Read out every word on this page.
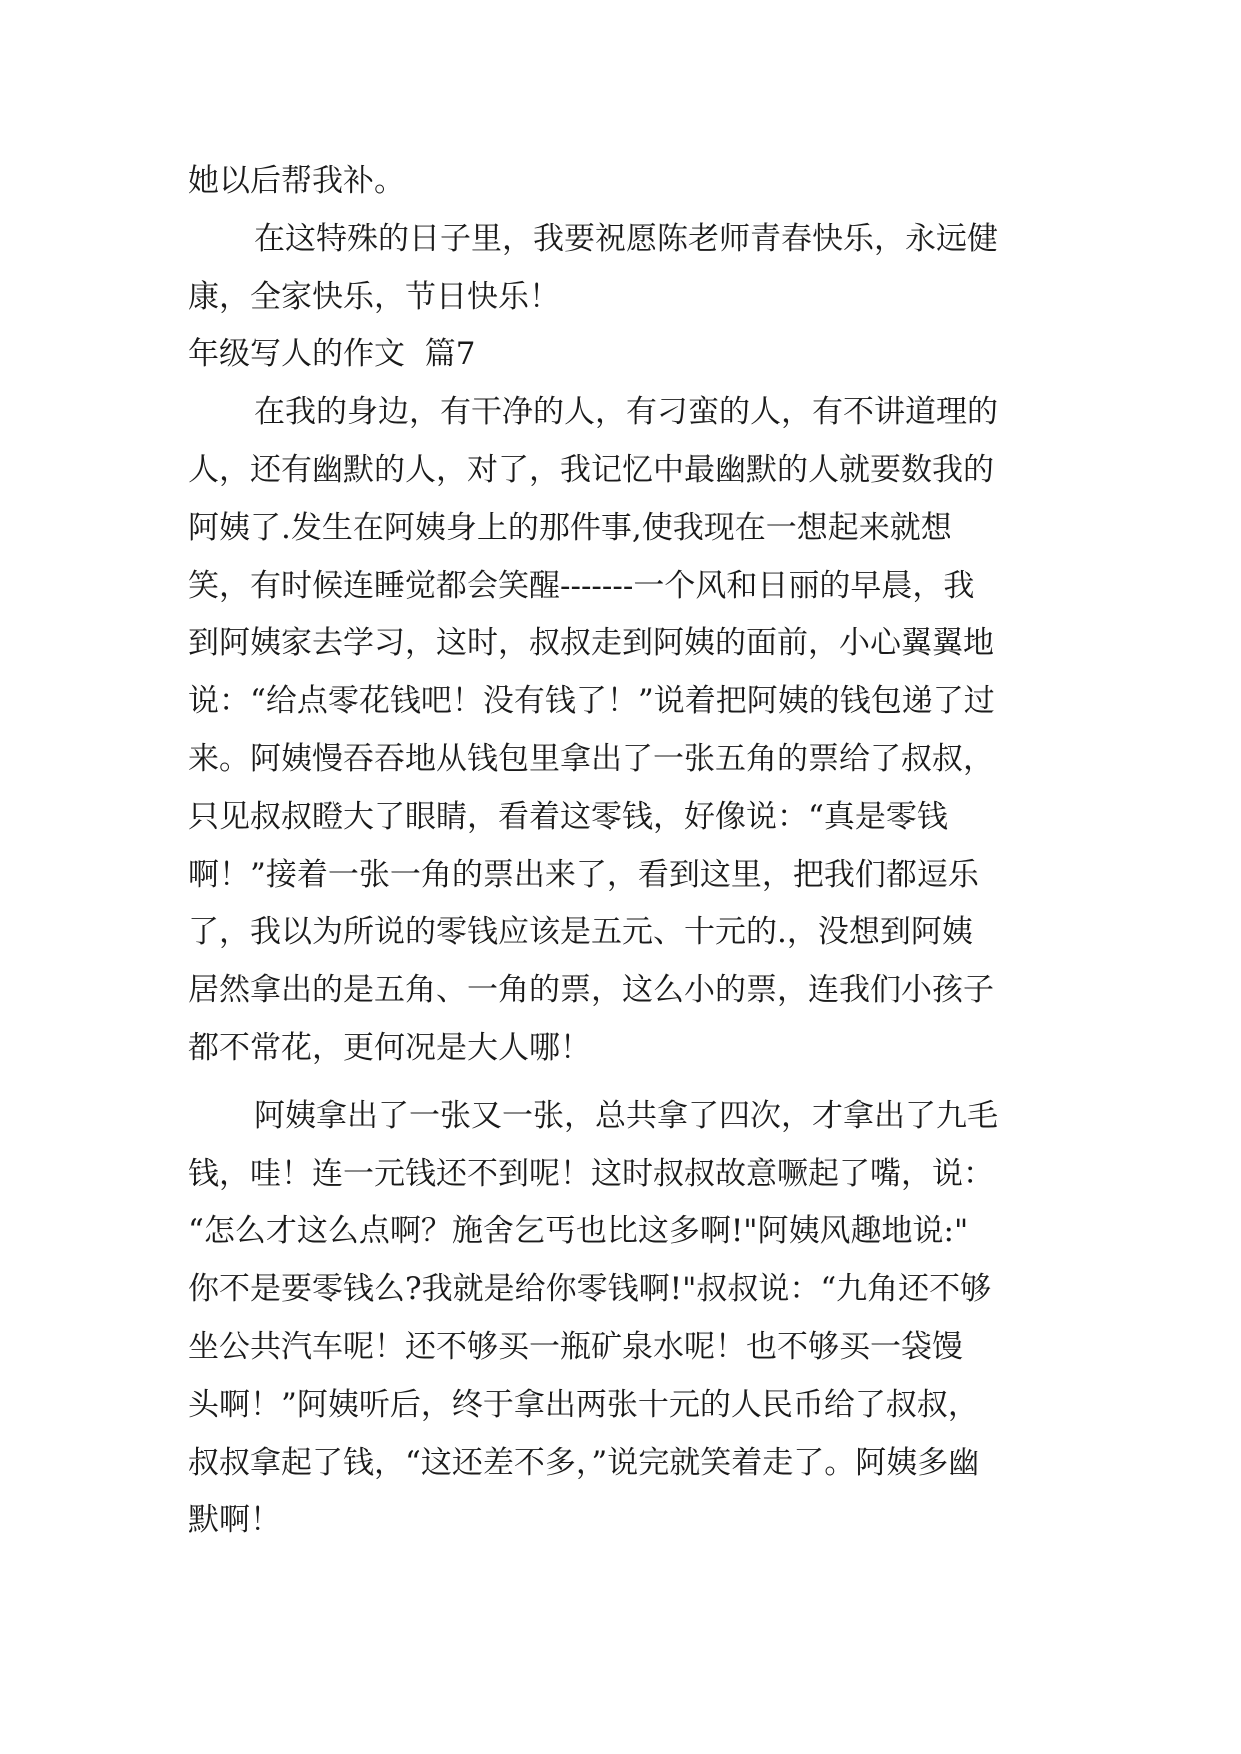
她以后帮我补。
在这特殊的日子里，我要祝愿陈老师青春快乐，永远健
康，全家快乐，节日快乐！
年级写人的作文  篇7
在我的身边，有干净的人，有刁蛮的人，有不讲道理的
人，还有幽默的人，对了，我记忆中最幽默的人就要数我的
阿姨了.发生在阿姨身上的那件事,使我现在一想起来就想
笑，有时候连睡觉都会笑醒-------一个风和日丽的早晨，我
到阿姨家去学习，这时，叔叔走到阿姨的面前，小心翼翼地
说：“给点零花钱吧！没有钱了！”说着把阿姨的钱包递了过
来。阿姨慢吞吞地从钱包里拿出了一张五角的票给了叔叔，
只见叔叔瞪大了眼睛，看着这零钱，好像说：“真是零钱
啊！”接着一张一角的票出来了，看到这里，把我们都逗乐
了，我以为所说的零钱应该是五元、十元的.，没想到阿姨
居然拿出的是五角、一角的票，这么小的票，连我们小孩子
都不常花，更何况是大人哪！
阿姨拿出了一张又一张，总共拿了四次，才拿出了九毛
钱，哇！连一元钱还不到呢！这时叔叔故意噘起了嘴，说：
“怎么才这么点啊？施舍乞丐也比这多啊!"阿姨风趣地说:"
你不是要零钱么?我就是给你零钱啊!"叔叔说：“九角还不够
坐公共汽车呢！还不够买一瓶矿泉水呢！也不够买一袋馒
头啊！”阿姨听后，终于拿出两张十元的人民币给了叔叔，
叔叔拿起了钱，“这还差不多，”说完就笑着走了。阿姨多幽
默啊！
